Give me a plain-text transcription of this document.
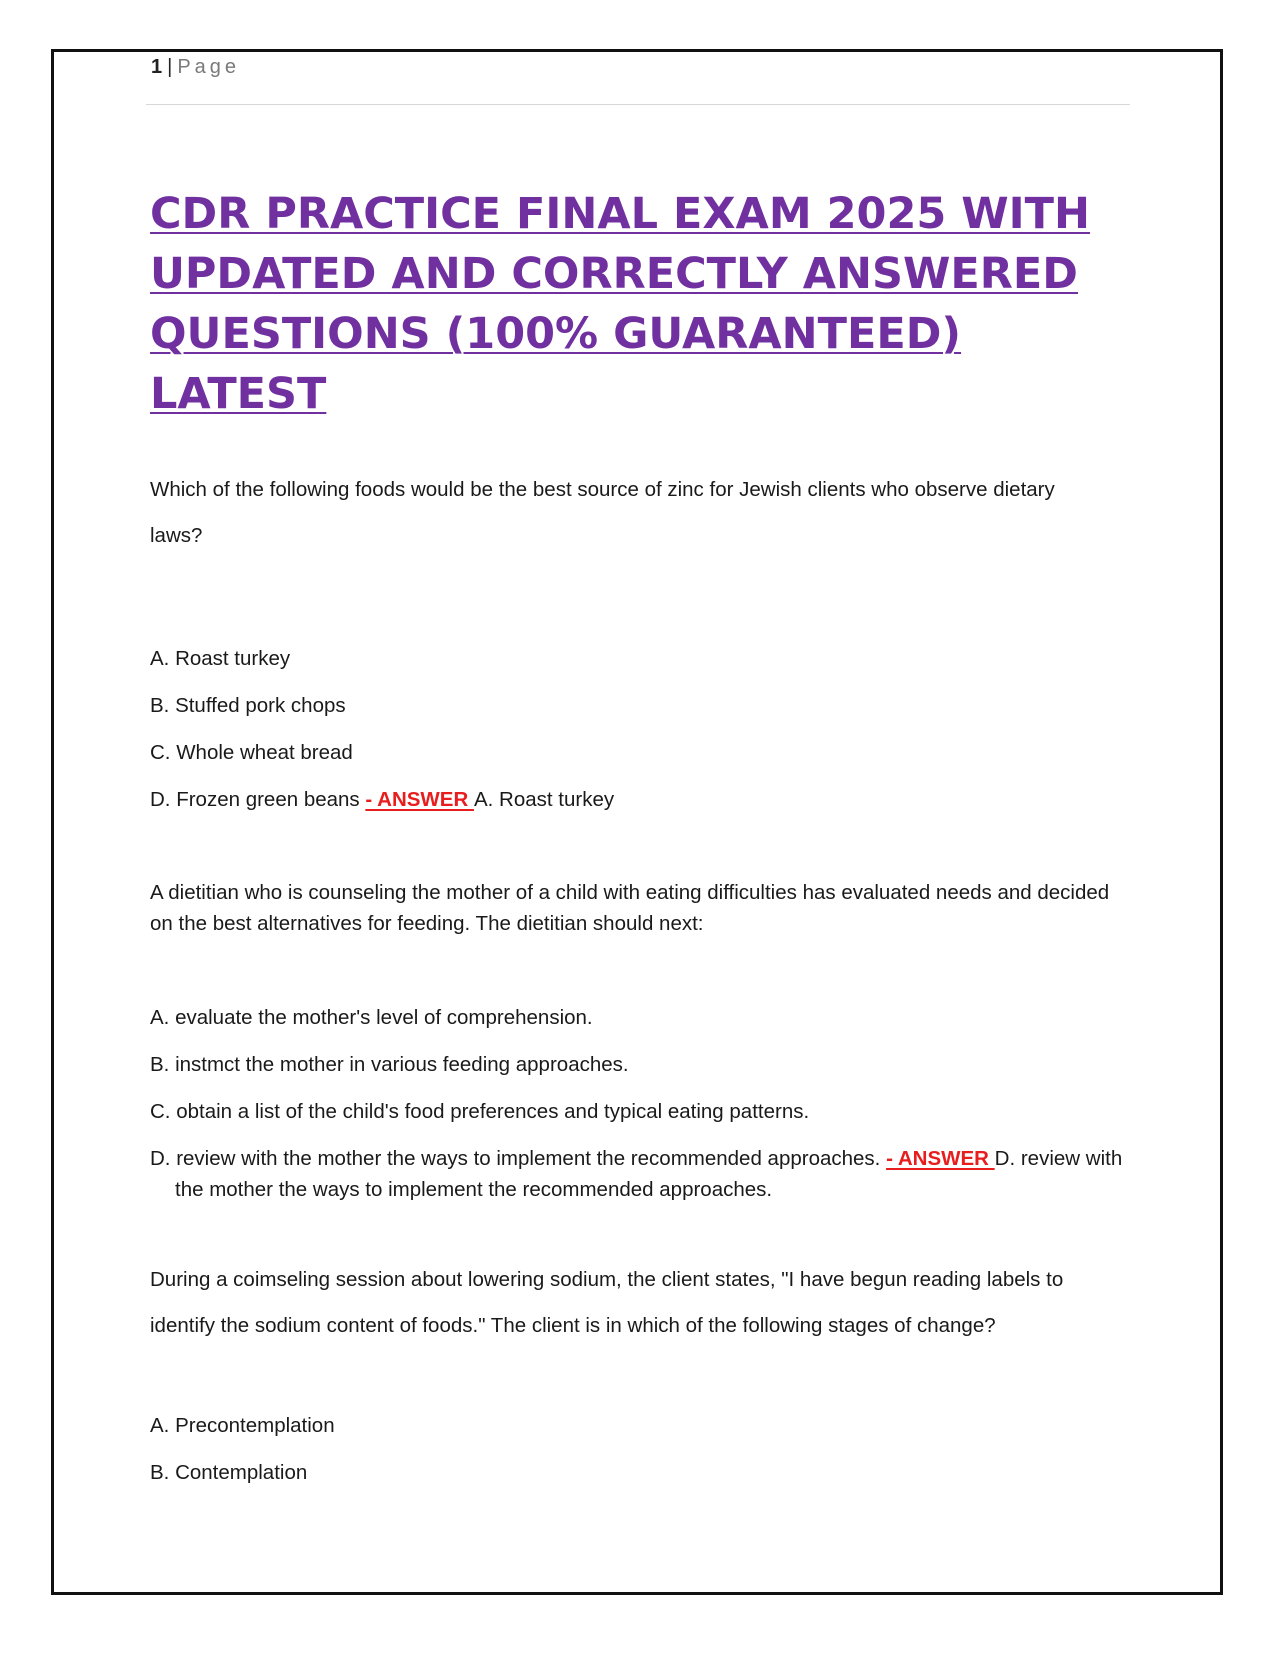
1 | Page
CDR PRACTICE FINAL EXAM 2025 WITH
UPDATED AND CORRECTLY ANSWERED
QUESTIONS (100% GUARANTEED) LATEST
Which of the following foods would be the best source of zinc for Jewish clients who observe dietary laws?
A. Roast turkey
B. Stuffed pork chops
C. Whole wheat bread
D. Frozen green beans - ANSWER A. Roast turkey
A dietitian who is counseling the mother of a child with eating difficulties has evaluated needs and decided on the best alternatives for feeding. The dietitian should next:
A. evaluate the mother's level of comprehension.
B. instmct the mother in various feeding approaches.
C. obtain a list of the child's food preferences and typical eating patterns.
D. review with the mother the ways to implement the recommended approaches. - ANSWER D. review with the mother the ways to implement the recommended approaches.
During a coimseling session about lowering sodium, the client states, "I have begun reading labels to identify the sodium content of foods." The client is in which of the following stages of change?
A. Precontemplation
B. Contemplation
